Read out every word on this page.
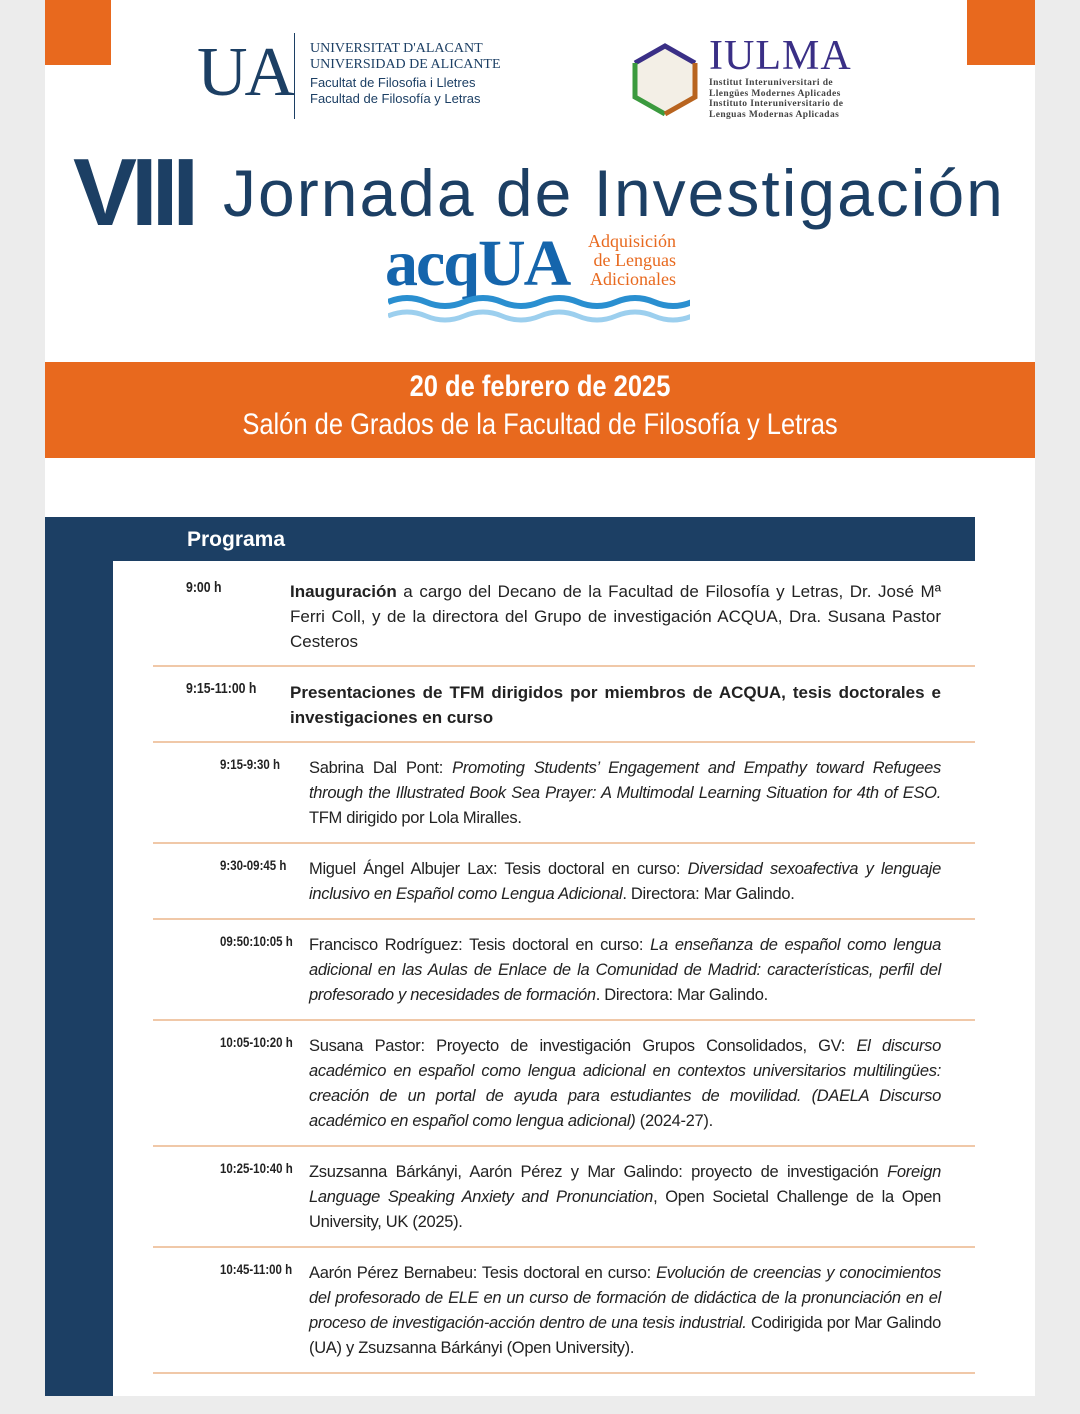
UA UNIVERSITAT D'ALACANT
UNIVERSIDAD DE ALICANTE
Facultat de Filosofia i Lletres
Facultad de Filosofía y Letras
IULMA
Institut Interuniversitari de
Llengües Modernes Aplicades
Instituto Interuniversitario de
Lenguas Modernas Aplicadas
VIII Jornada de Investigación
acqUA Adquisición
de Lenguas
Adicionales
20 de febrero de 2025
Salón de Grados de la Facultad de Filosofía y Letras
Programa
9:00 h	Inauguración a cargo del Decano de la Facultad de Filosofía y Letras, Dr. José Mª Ferri Coll, y de la directora del Grupo de investigación ACQUA, Dra. Susana Pastor Cesteros
9:15-11:00 h	Presentaciones de TFM dirigidos por miembros de ACQUA, tesis doctorales e investigaciones en curso
9:15-9:30 h	Sabrina Dal Pont: Promoting Students’ Engagement and Empathy toward Refugees through the Illustrated Book Sea Prayer: A Multimodal Learning Situation for 4th of ESO. TFM dirigido por Lola Miralles.
9:30-09:45 h	Miguel Ángel Albujer Lax: Tesis doctoral en curso: Diversidad sexoafectiva y lenguaje inclusivo en Español como Lengua Adicional. Directora: Mar Galindo.
09:50:10:05 h Francisco Rodríguez: Tesis doctoral en curso: La enseñanza de español como lengua adicional en las Aulas de Enlace de la Comunidad de Madrid: características, perfil del profesorado y necesidades de formación. Directora: Mar Galindo.
10:05-10:20 h Susana Pastor: Proyecto de investigación Grupos Consolidados, GV: El discurso académico en español como lengua adicional en contextos universitarios multilingües: creación de un portal de ayuda para estudiantes de movilidad. (DAELA Discurso académico en español como lengua adicional) (2024-27).
10:25-10:40 h Zsuzsanna Bárkányi, Aarón Pérez y Mar Galindo: proyecto de investigación Foreign Language Speaking Anxiety and Pronunciation, Open Societal Challenge de la Open University, UK (2025).
10:45-11:00 h Aarón Pérez Bernabeu: Tesis doctoral en curso: Evolución de creencias y conocimientos del profesorado de ELE en un curso de formación de didáctica de la pronunciación en el proceso de investigación-acción dentro de una tesis industrial. Codirigida por Mar Galindo (UA) y Zsuzsanna Bárkányi (Open University).
